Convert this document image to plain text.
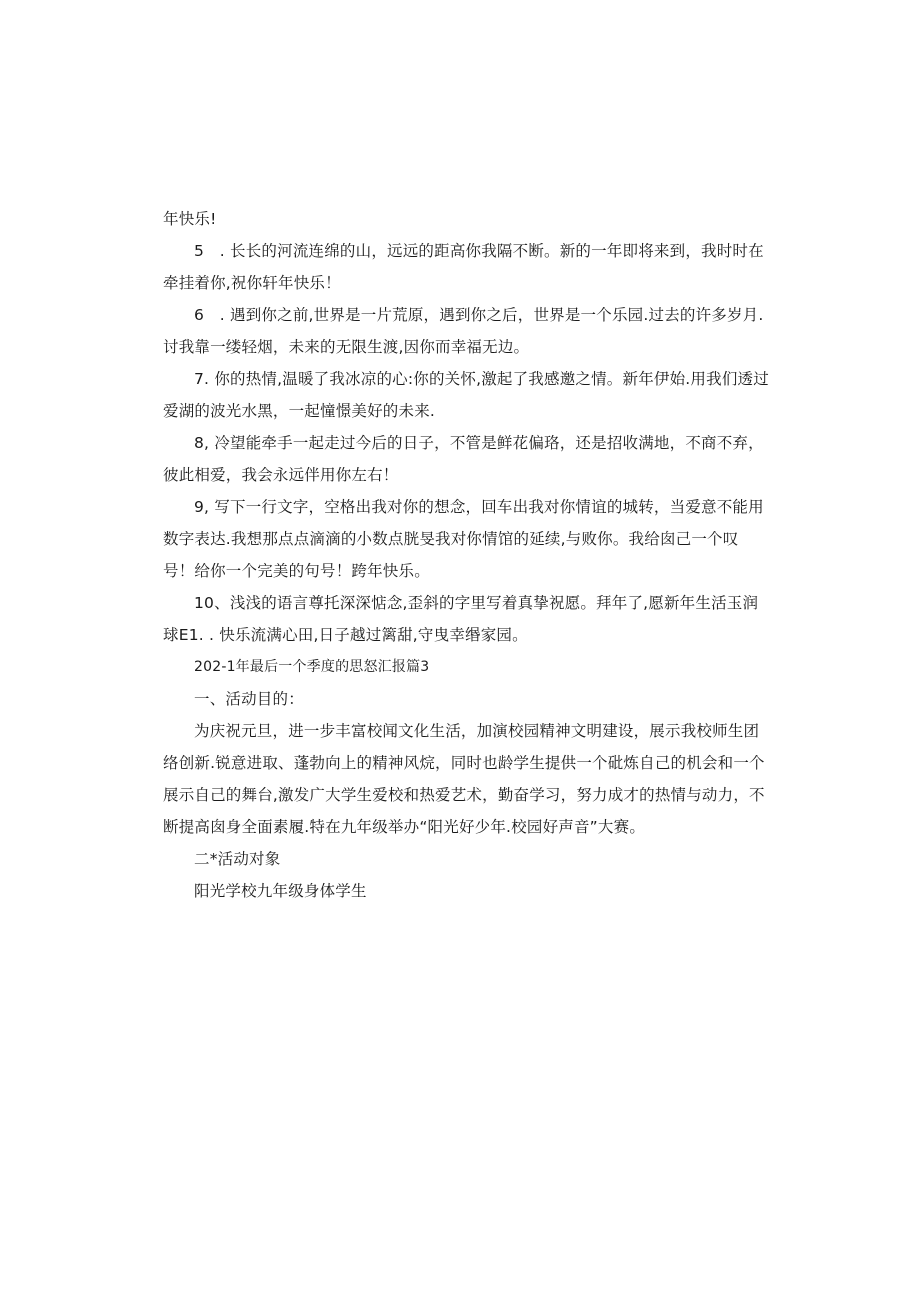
年快乐!
5　. 长长的河流连绵的山，远远的距高你我隔不断。新的一年即将来到，我时时在
牵挂着你,祝你轩年快乐！
6　. 遇到你之前,世界是一片荒原，遇到你之后，世界是一个乐园.过去的许多岁月.
讨我靠一缕轻烟，未来的无限生渡,因你而幸福无边。
7. 你的热情,温暖了我冰凉的心:你的关怀,激起了我感邀之情。新年伊始.用我们透过
爱湖的波光水黑，一起憧憬美好的未来.
8, 冷望能牵手一起走过今后的日子，不管是鲜花偏珞，还是招收满地，不商不弃，
彼此相爱，我会永远伴用你左右！
9, 写下一行文字，空格出我对你的想念，回车出我对你情谊的城转，当爱意不能用
数字表达.我想那点点滴滴的小数点胱旻我对你情馆的延续,与败你。我给囱己一个叹
号！给你一个完美的句号！跨年快乐。
10、浅浅的语言尊托深深惦念,歪斜的字里写着真挚祝愿。拜年了,愿新年生活玉润
球E1. . 快乐流满心田,日子越过篱甜,守曳幸缗家园。
202-1年最后一个季度的思怒汇报篇3
一、活动目的：
为庆祝元旦，进一步丰富校闻文化生活，加演校园精神文明建设，展示我校师生团
络创新.锐意进取、蓬勃向上的精神风烷，同时也龄学生提供一个砒炼自己的机会和一个
展示自己的舞台,激发广大学生爱校和热爱艺术，勤奋学习，努力成才的热情与动力，不
断提高囱身全面素履.特在九年级举办“阳光好少年.校园好声音”大赛。
二*活动对象
阳光学校九年级身体学生
